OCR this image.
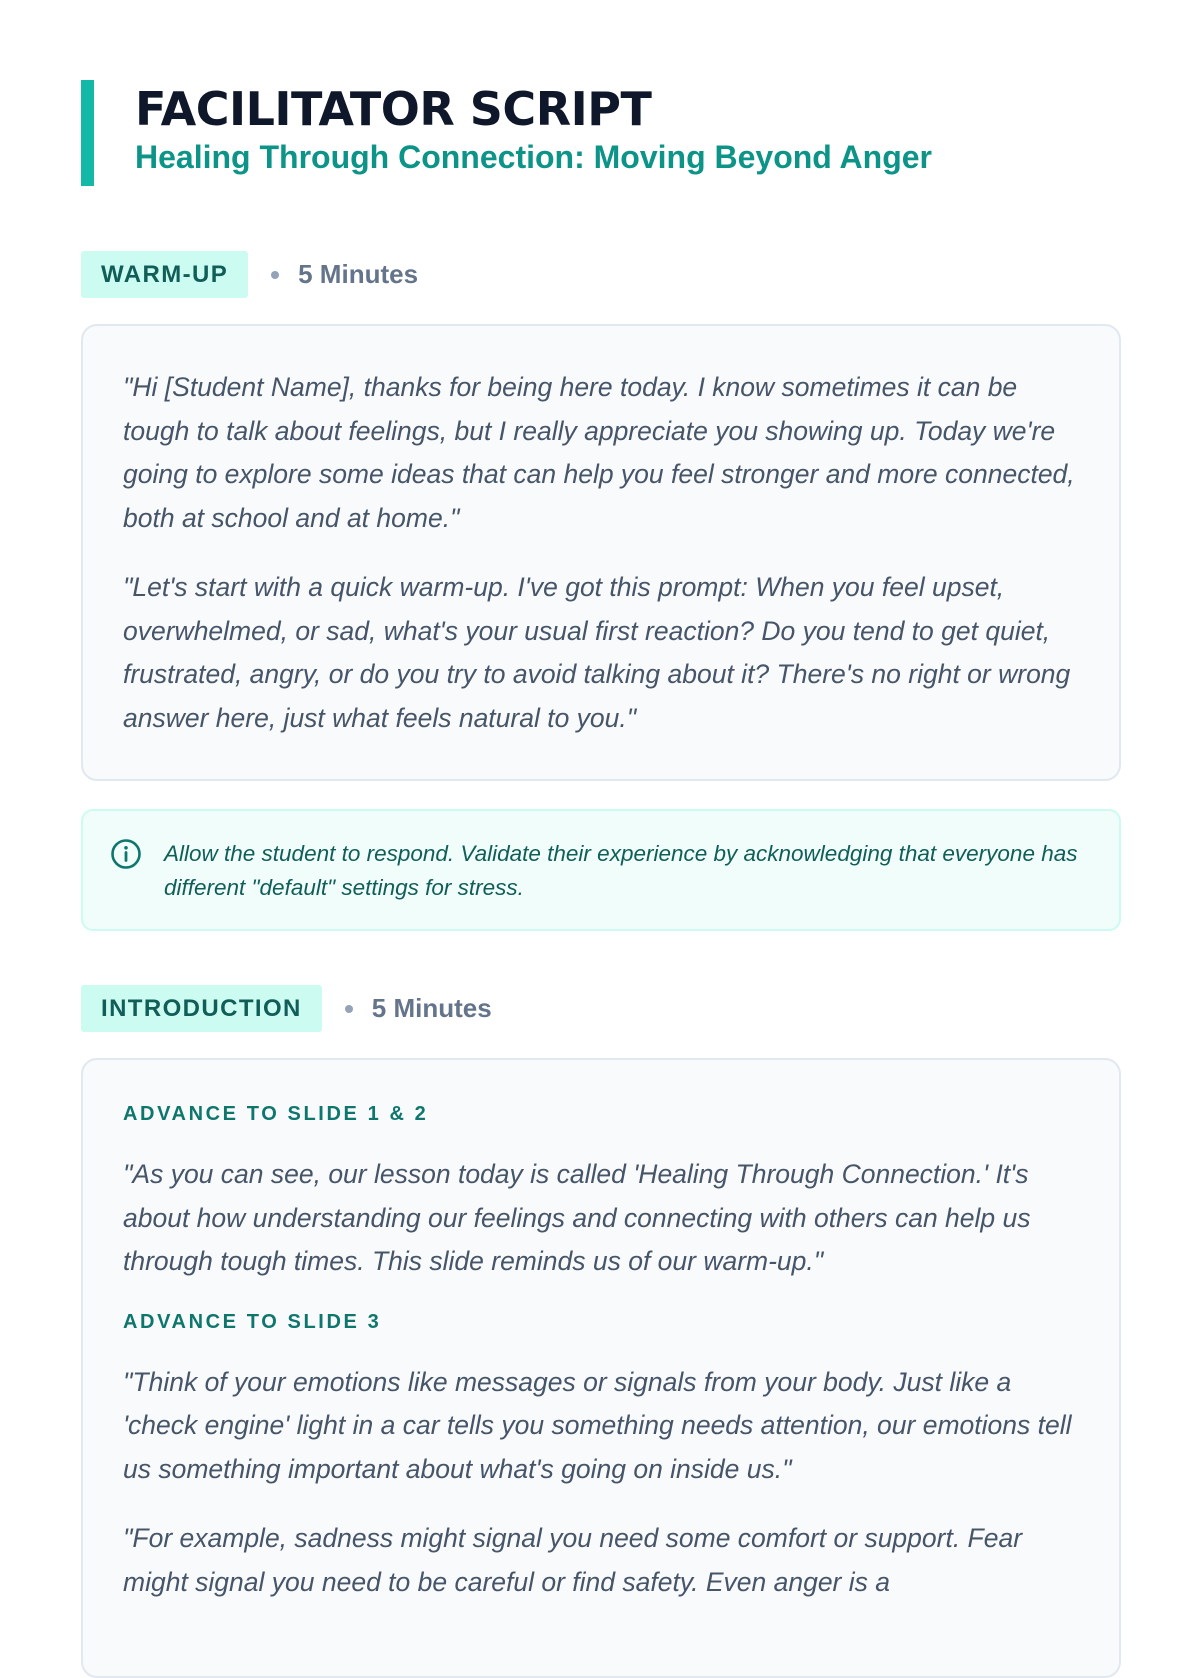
FACILITATOR SCRIPT
Healing Through Connection: Moving Beyond Anger
WARM-UP	5 Minutes

"Hi [Student Name], thanks for being here today. I know sometimes it can be tough to talk about feelings, but I really appreciate you showing up. Today we're going to explore some ideas that can help you feel stronger and more connected, both at school and at home."

"Let's start with a quick warm-up. I've got this prompt: When you feel upset, overwhelmed, or sad, what's your usual first reaction? Do you tend to get quiet, frustrated, angry, or do you try to avoid talking about it? There's no right or wrong answer here, just what feels natural to you."

Allow the student to respond. Validate their experience by acknowledging that everyone has different "default" settings for stress.

INTRODUCTION	5 Minutes

ADVANCE TO SLIDE 1 & 2

"As you can see, our lesson today is called 'Healing Through Connection.' It's about how understanding our feelings and connecting with others can help us through tough times. This slide reminds us of our warm-up."

ADVANCE TO SLIDE 3

"Think of your emotions like messages or signals from your body. Just like a 'check engine' light in a car tells you something needs attention, our emotions tell us something important about what's going on inside us."

"For example, sadness might signal you need some comfort or support. Fear might signal you need to be careful or find safety. Even anger is a
